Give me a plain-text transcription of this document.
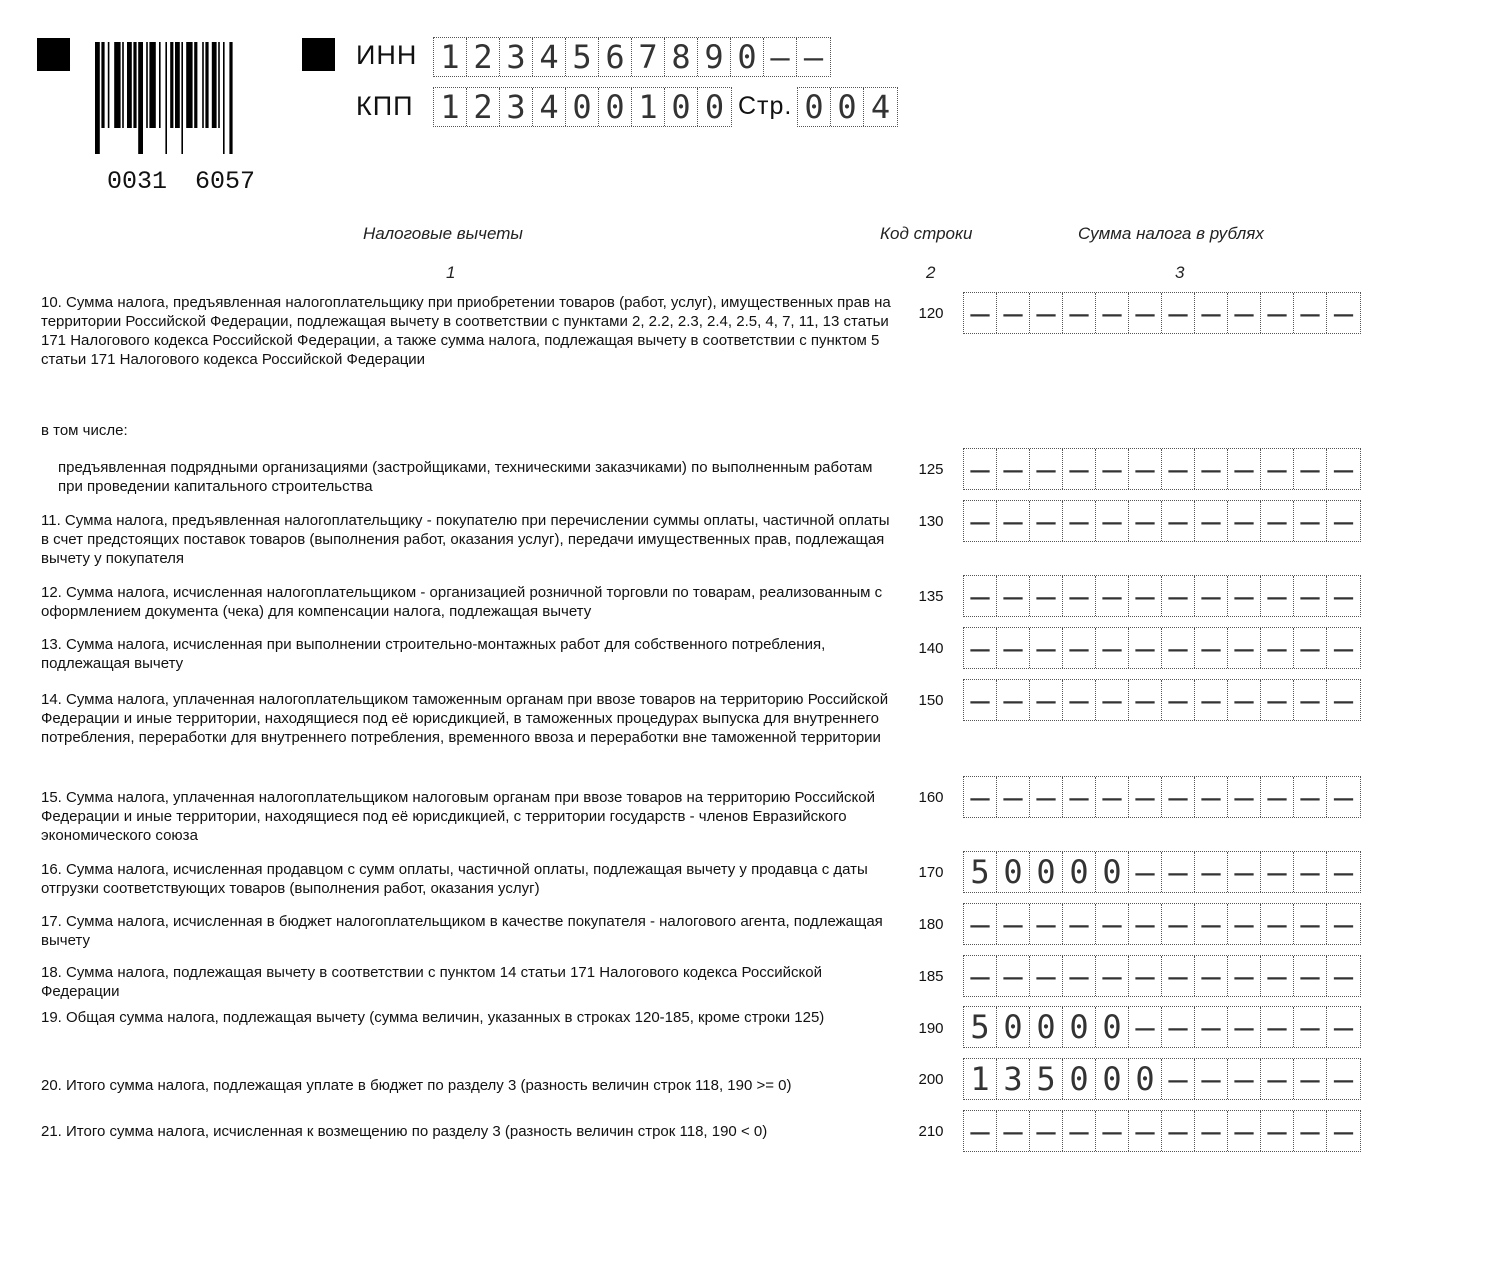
0031 6057
ИНН 1 2 3 4 5 6 7 8 9 0 – –
КПП 1 2 3 4 0 0 1 0 0 Стр. 0 0 4
Налоговые вычеты	Код строки	Сумма налога в рублях
1	2	3
в том числе:
10. Сумма налога, предъявленная налогоплательщику при приобретении товаров (работ, услуг), имущественных прав на территории Российской Федерации, подлежащая вычету в соответствии с пунктами 2, 2.2, 2.3, 2.4, 2.5, 4, 7, 11, 13 статьи 171 Налогового кодекса Российской Федерации, а также сумма налога, подлежащая вычету в соответствии с пунктом 5 статьи 171 Налогового кодекса Российской Федерации
120 – – – – – – – – – – – –
предъявленная подрядными организациями (застройщиками, техническими заказчиками) по выполненным работам при проведении капитального строительства
125 – – – – – – – – – – – –
11. Сумма налога, предъявленная налогоплательщику - покупателю при перечислении суммы оплаты, частичной оплаты в счет предстоящих поставок товаров (выполнения работ, оказания услуг), передачи имущественных прав, подлежащая вычету у покупателя
130 – – – – – – – – – – – –
12. Сумма налога, исчисленная налогоплательщиком - организацией розничной торговли по товарам, реализованным с оформлением документа (чека) для компенсации налога, подлежащая вычету
135 – – – – – – – – – – – –
13. Сумма налога, исчисленная при выполнении строительно-монтажных работ для собственного потребления, подлежащая вычету
140 – – – – – – – – – – – –
14. Сумма налога, уплаченная налогоплательщиком таможенным органам при ввозе товаров на территорию Российской Федерации и иные территории, находящиеся под её юрисдикцией, в таможенных процедурах выпуска для внутреннего потребления, переработки для внутреннего потребления, временного ввоза и переработки вне таможенной территории
150 – – – – – – – – – – – –
15. Сумма налога, уплаченная налогоплательщиком налоговым органам при ввозе товаров на территорию Российской Федерации и иные территории, находящиеся под её юрисдикцией, с территории государств - членов Евразийского экономического союза
160 – – – – – – – – – – – –
16. Сумма налога, исчисленная продавцом с сумм оплаты, частичной оплаты, подлежащая вычету у продавца с даты отгрузки соответствующих товаров (выполнения работ, оказания услуг)
170 5 0 0 0 0 – – – – – – –
17. Сумма налога, исчисленная в бюджет налогоплательщиком в качестве покупателя - налогового агента, подлежащая вычету
180 – – – – – – – – – – – –
18. Сумма налога, подлежащая вычету в соответствии с пунктом 14 статьи 171 Налогового кодекса Российской Федерации
185 – – – – – – – – – – – –
19. Общая сумма налога, подлежащая вычету (сумма величин, указанных в строках 120-185, кроме строки 125)
190 5 0 0 0 0 – – – – – – –
20. Итого сумма налога, подлежащая уплате в бюджет по разделу 3 (разность величин строк 118, 190 >= 0)	200 1 3 5 0 0 0 – – – – – –
21. Итого сумма налога, исчисленная к возмещению по разделу 3 (разность величин строк 118, 190 < 0)	210 – – – – – – – – – – – –
